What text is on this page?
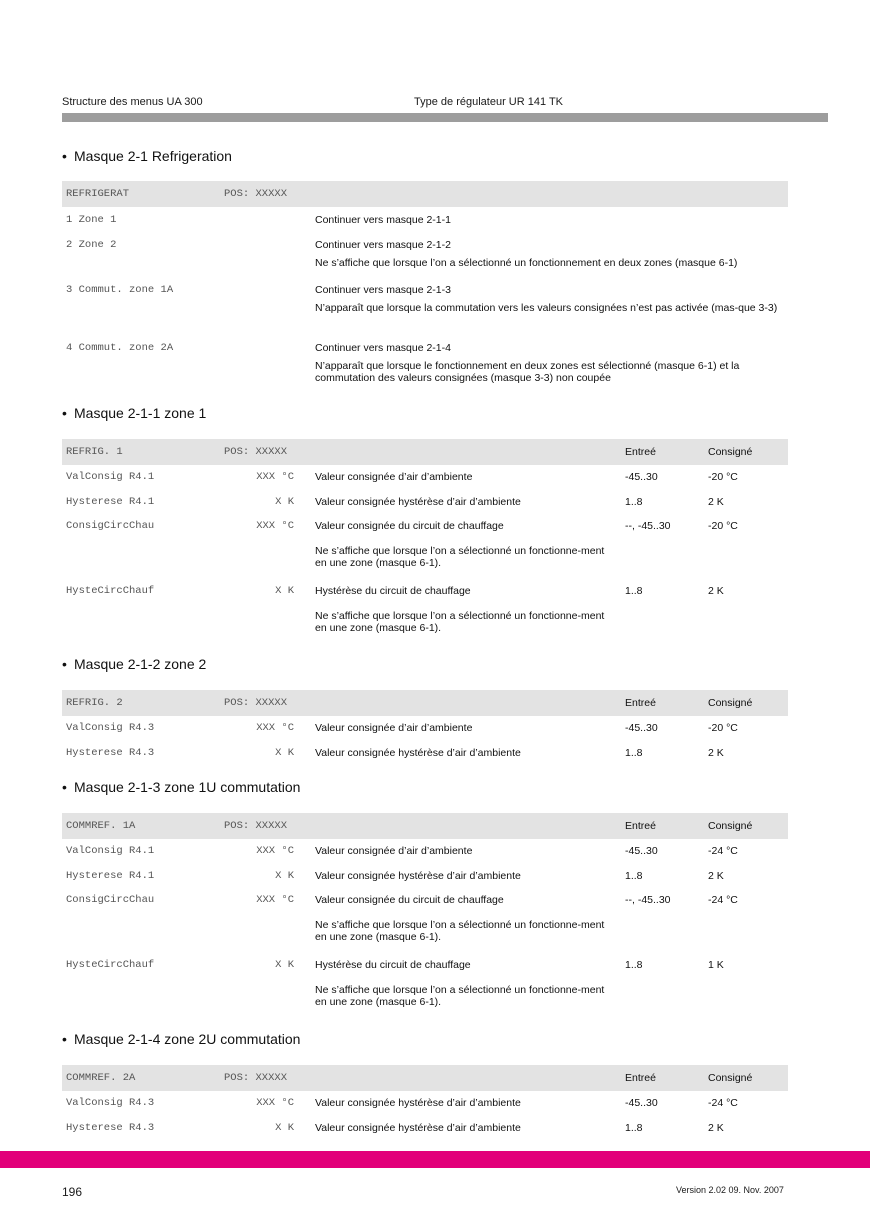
Structure des menus UA 300	Type de régulateur UR 141 TK
• Masque 2-1 Refrigeration
REFRIGERAT	POS: XXXXX
1 Zone 1	Continuer vers masque 2-1-1
2 Zone 2	Continuer vers masque 2-1-2
Ne s’affiche que lorsque l’on a sélectionné un fonctionnement en deux zones (masque 6-1)
3 Commut. zone 1A	Continuer vers masque 2-1-3
N’apparaît que lorsque la commutation vers les valeurs consignées n’est pas activée (mas-que 3-3)
4 Commut. zone 2A	Continuer vers masque 2-1-4
N’apparaît que lorsque le fonctionnement en deux zones est sélectionné (masque 6-1) et la commutation des valeurs consignées (masque 3-3) non coupée
• Masque 2-1-1 zone 1
REFRIG. 1	POS: XXXXX	Entreé	Consigné
ValConsig R4.1	XXX °C Valeur consignée d’air d’ambiente	-45..30	-20 °C
Hysterese R4.1	X K Valeur consignée hystérèse d’air d’ambiente	1..8	2 K
ConsigCircChau	XXX °C Valeur consignée du circuit de chauffage	--, -45..30	-20 °C
Ne s’affiche que lorsque l’on a sélectionné un fonctionne-ment en une zone (masque 6-1).
HysteCircChauf	X K Hystérèse du circuit de chauffage	1..8	2 K
Ne s’affiche que lorsque l’on a sélectionné un fonctionne-ment en une zone (masque 6-1).
• Masque 2-1-2 zone 2
REFRIG. 2	POS: XXXXX	Entreé	Consigné
ValConsig R4.3	XXX °C Valeur consignée d’air d’ambiente	-45..30	-20 °C
Hysterese R4.3	X K Valeur consignée hystérèse d’air d’ambiente	1..8	2 K
• Masque 2-1-3 zone 1U commutation
COMMREF. 1A	POS: XXXXX	Entreé	Consigné
ValConsig R4.1	XXX °C Valeur consignée d’air d’ambiente	-45..30	-24 °C
Hysterese R4.1	X K Valeur consignée hystérèse d’air d’ambiente	1..8	2 K
ConsigCircChau	XXX °C Valeur consignée du circuit de chauffage	--, -45..30	-24 °C
Ne s’affiche que lorsque l’on a sélectionné un fonctionne-ment en une zone (masque 6-1).
HysteCircChauf	X K Hystérèse du circuit de chauffage	1..8	1 K
Ne s’affiche que lorsque l’on a sélectionné un fonctionne-ment en une zone (masque 6-1).
• Masque 2-1-4 zone 2U commutation
COMMREF. 2A	POS: XXXXX	Entreé	Consigné
ValConsig R4.3	XXX °C Valeur consignée hystérèse d’air d’ambiente	-45..30	-24 °C
Hysterese R4.3	X K Valeur consignée hystérèse d’air d’ambiente	1..8	2 K
196	Version 2.02 09. Nov. 2007
